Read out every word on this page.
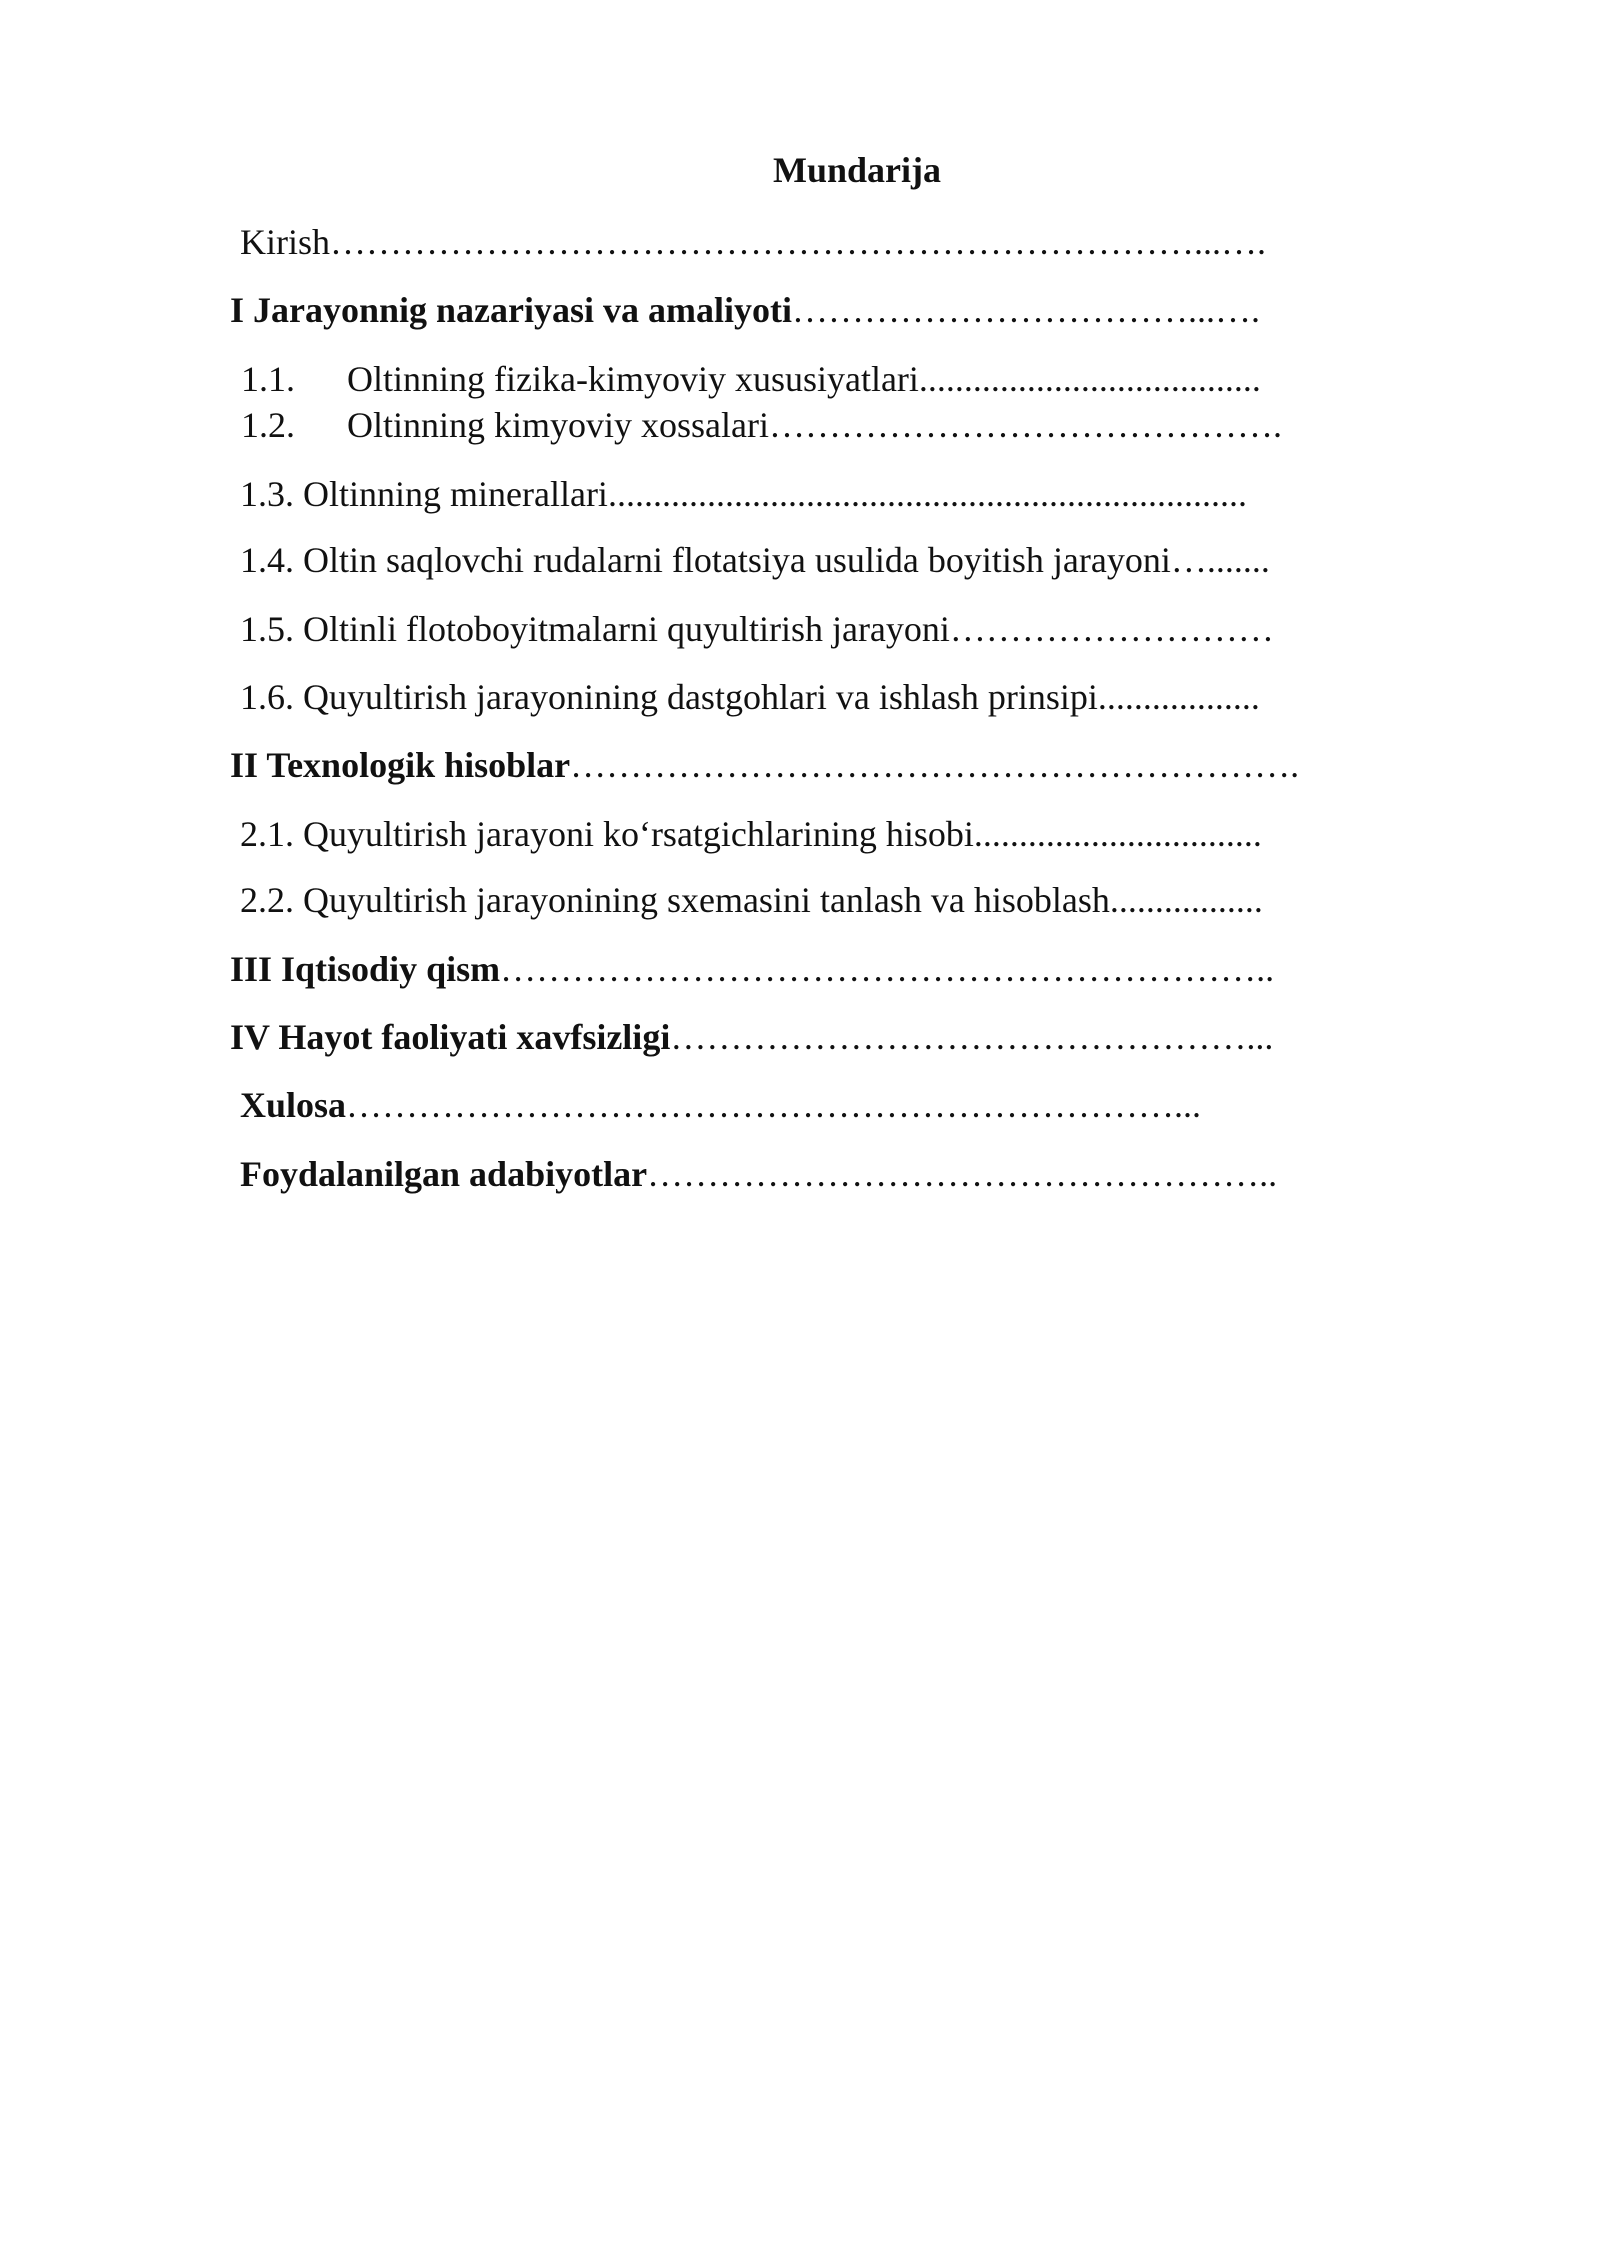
Mundarija
Kirish ………………………………………………………………...….
I Jarayonnig nazariyasi va amaliyoti ……………………………...….
1.1.	Oltinning fizika-kimyoviy xususiyatlari ......................................
1.2.	Oltinning kimyoviy xossalari …………………………………….
1.3. Oltinning minerallari .......................................................................
1.4. Oltin saqlovchi rudalarni flotatsiya usulida boyitish jarayoni ….......
1.5. Oltinli flotoboyitmalarni quyultirish jarayoni ………………………
1.6. Quyultirish jarayonining dastgohlari va ishlash prinsipi ..................
II Texnologik hisoblar …………………………………………………….
2.1. Quyultirish jarayoni ko‘rsatgichlarining hisobi ................................
2.2. Quyultirish jarayonining sxemasini tanlash va hisoblash .................
III Iqtisodiy qism ………………………………………………………..
IV Hayot faoliyati xavfsizligi …………………………………………...
Xulosa ……………………………………………………………...
Foydalanilgan adabiyotlar ……………………………………………..
